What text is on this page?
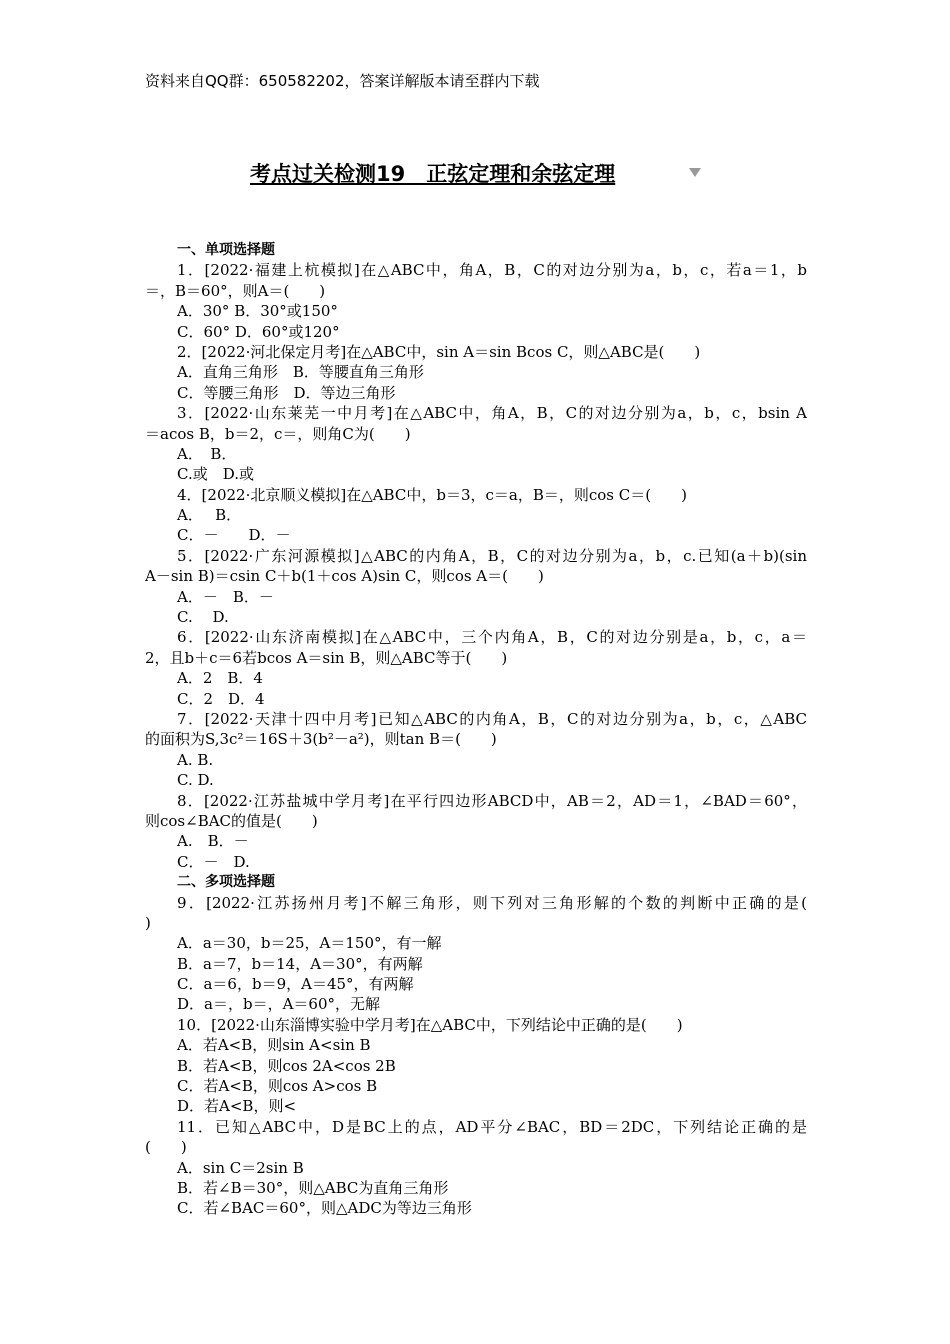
资料来自QQ群：650582202，答案详解版本请至群内下载
考点过关检测19　正弦定理和余弦定理
一、单项选择题
1．[2022·福建上杭模拟]在△ABC中，角A，B，C的对边分别为a，b，c，若a＝1，b
＝，B＝60°，则A＝(　　)
A．30° B．30°或150°
C．60° D．60°或120°
2．[2022·河北保定月考]在△ABC中，sin A＝sin Bcos C，则△ABC是(　　)
A．直角三角形　B．等腰直角三角形
C．等腰三角形　D．等边三角形
3．[2022·山东莱芜一中月考]在△ABC中，角A，B，C的对边分别为a，b，c，bsin A
＝acos B，b＝2，c＝，则角C为(　　)
A．　B．
C.或　D.或
4．[2022·北京顺义模拟]在△ABC中，b＝3，c＝a，B＝，则cos C＝(　　)
A．　 B．
C．－　　D．－
5．[2022·广东河源模拟]△ABC的内角A，B，C的对边分别为a，b，c.已知(a＋b)(sin
A－sin B)＝csin C＋b(1＋cos A)sin C，则cos A＝(　　)
A．－　B．－
C.　 D.
6．[2022·山东济南模拟]在△ABC中，三个内角A，B，C的对边分别是a，b，c，a＝
2，且b＋c＝6若bcos A＝sin B，则△ABC等于(　　)
A．2　B．4
C．2　D．4
7．[2022·天津十四中月考]已知△ABC的内角A，B，C的对边分别为a，b，c，△ABC
的面积为S,3c²＝16S＋3(b²－a²)，则tan B＝(　　)
A. B.
C. D.
8．[2022·江苏盐城中学月考]在平行四边形ABCD中，AB＝2，AD＝1，∠BAD＝60°，
则cos∠BAC的值是(　　)
A.　B．－
C．－　D.
二、多项选择题
9．[2022·江苏扬州月考]不解三角形，则下列对三角形解的个数的判断中正确的是(
)
A．a＝30，b＝25，A＝150°，有一解
B．a＝7，b＝14，A＝30°，有两解
C．a＝6，b＝9，A＝45°，有两解
D．a＝，b＝，A＝60°，无解
10．[2022·山东淄博实验中学月考]在△ABC中，下列结论中正确的是(　　)
A．若A<B，则sin A<sin B
B．若A<B，则cos 2A<cos 2B
C．若A<B，则cos A>cos B
D．若A<B，则<
11．已知△ABC中，D是BC上的点，AD平分∠BAC，BD＝2DC，下列结论正确的是
(　　)
A．sin C＝2sin B
B．若∠B＝30°，则△ABC为直角三角形
C．若∠BAC＝60°，则△ADC为等边三角形
